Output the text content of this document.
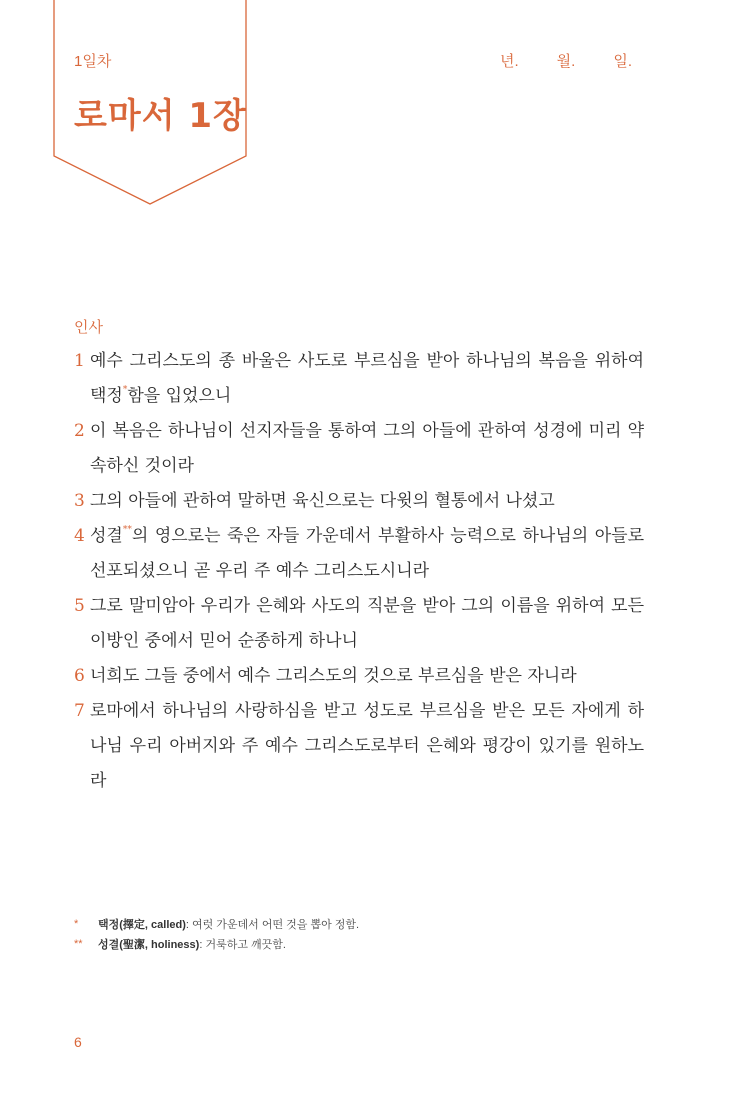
1일차
로마서 1장
년.	월.	일.
인사
1 예수 그리스도의 종 바울은 사도로 부르심을 받아 하나님의 복음을 위하여 택정*함을 입었으니
2 이 복음은 하나님이 선지자들을 통하여 그의 아들에 관하여 성경에 미리 약속하신 것이라
3 그의 아들에 관하여 말하면 육신으로는 다윗의 혈통에서 나셨고
4 성결**의 영으로는 죽은 자들 가운데서 부활하사 능력으로 하나님의 아들로 선포되셨으니 곧 우리 주 예수 그리스도시니라
5 그로 말미암아 우리가 은혜와 사도의 직분을 받아 그의 이름을 위하여 모든 이방인 중에서 믿어 순종하게 하나니
6 너희도 그들 중에서 예수 그리스도의 것으로 부르심을 받은 자니라
7 로마에서 하나님의 사랑하심을 받고 성도로 부르심을 받은 모든 자에게 하나님 우리 아버지와 주 예수 그리스도로부터 은혜와 평강이 있기를 원하노라
*	택정(擇定, called) : 여럿 가운데서 어떤 것을 뽑아 정함.
**	성결(聖潔, holiness) : 거룩하고 깨끗함.
6
